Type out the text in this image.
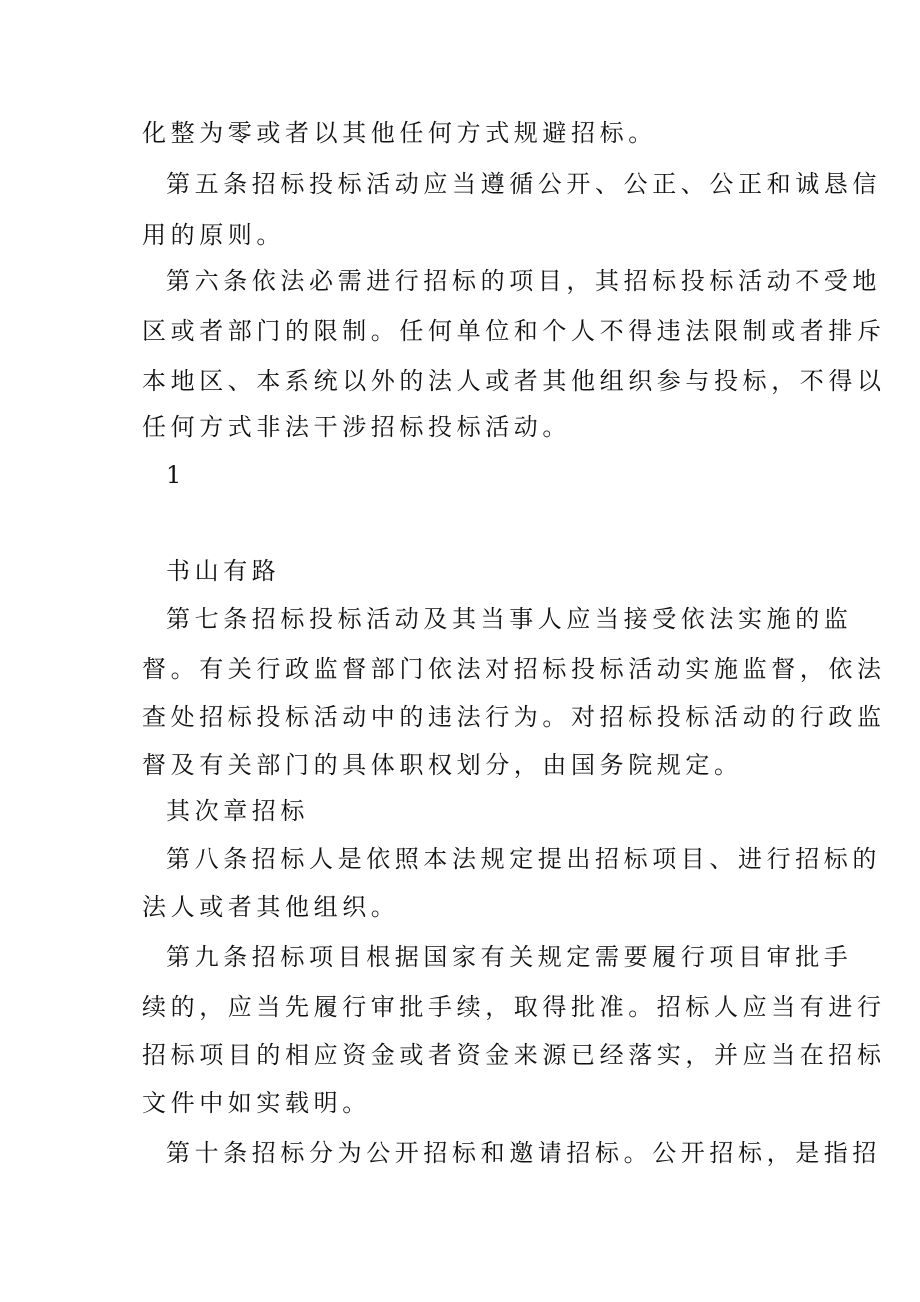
化整为零或者以其他任何方式规避招标。
第五条招标投标活动应当遵循公开、公正、公正和诚恳信
用的原则。
第六条依法必需进行招标的项目，其招标投标活动不受地
区或者部门的限制。任何单位和个人不得违法限制或者排斥
本地区、本系统以外的法人或者其他组织参与投标，不得以
任何方式非法干涉招标投标活动。
1
书山有路
第七条招标投标活动及其当事人应当接受依法实施的监
督。有关行政监督部门依法对招标投标活动实施监督，依法
查处招标投标活动中的违法行为。对招标投标活动的行政监
督及有关部门的具体职权划分，由国务院规定。
其次章招标
第八条招标人是依照本法规定提出招标项目、进行招标的
法人或者其他组织。
第九条招标项目根据国家有关规定需要履行项目审批手
续的，应当先履行审批手续，取得批准。招标人应当有进行
招标项目的相应资金或者资金来源已经落实，并应当在招标
文件中如实载明。
第十条招标分为公开招标和邀请招标。公开招标，是指招
